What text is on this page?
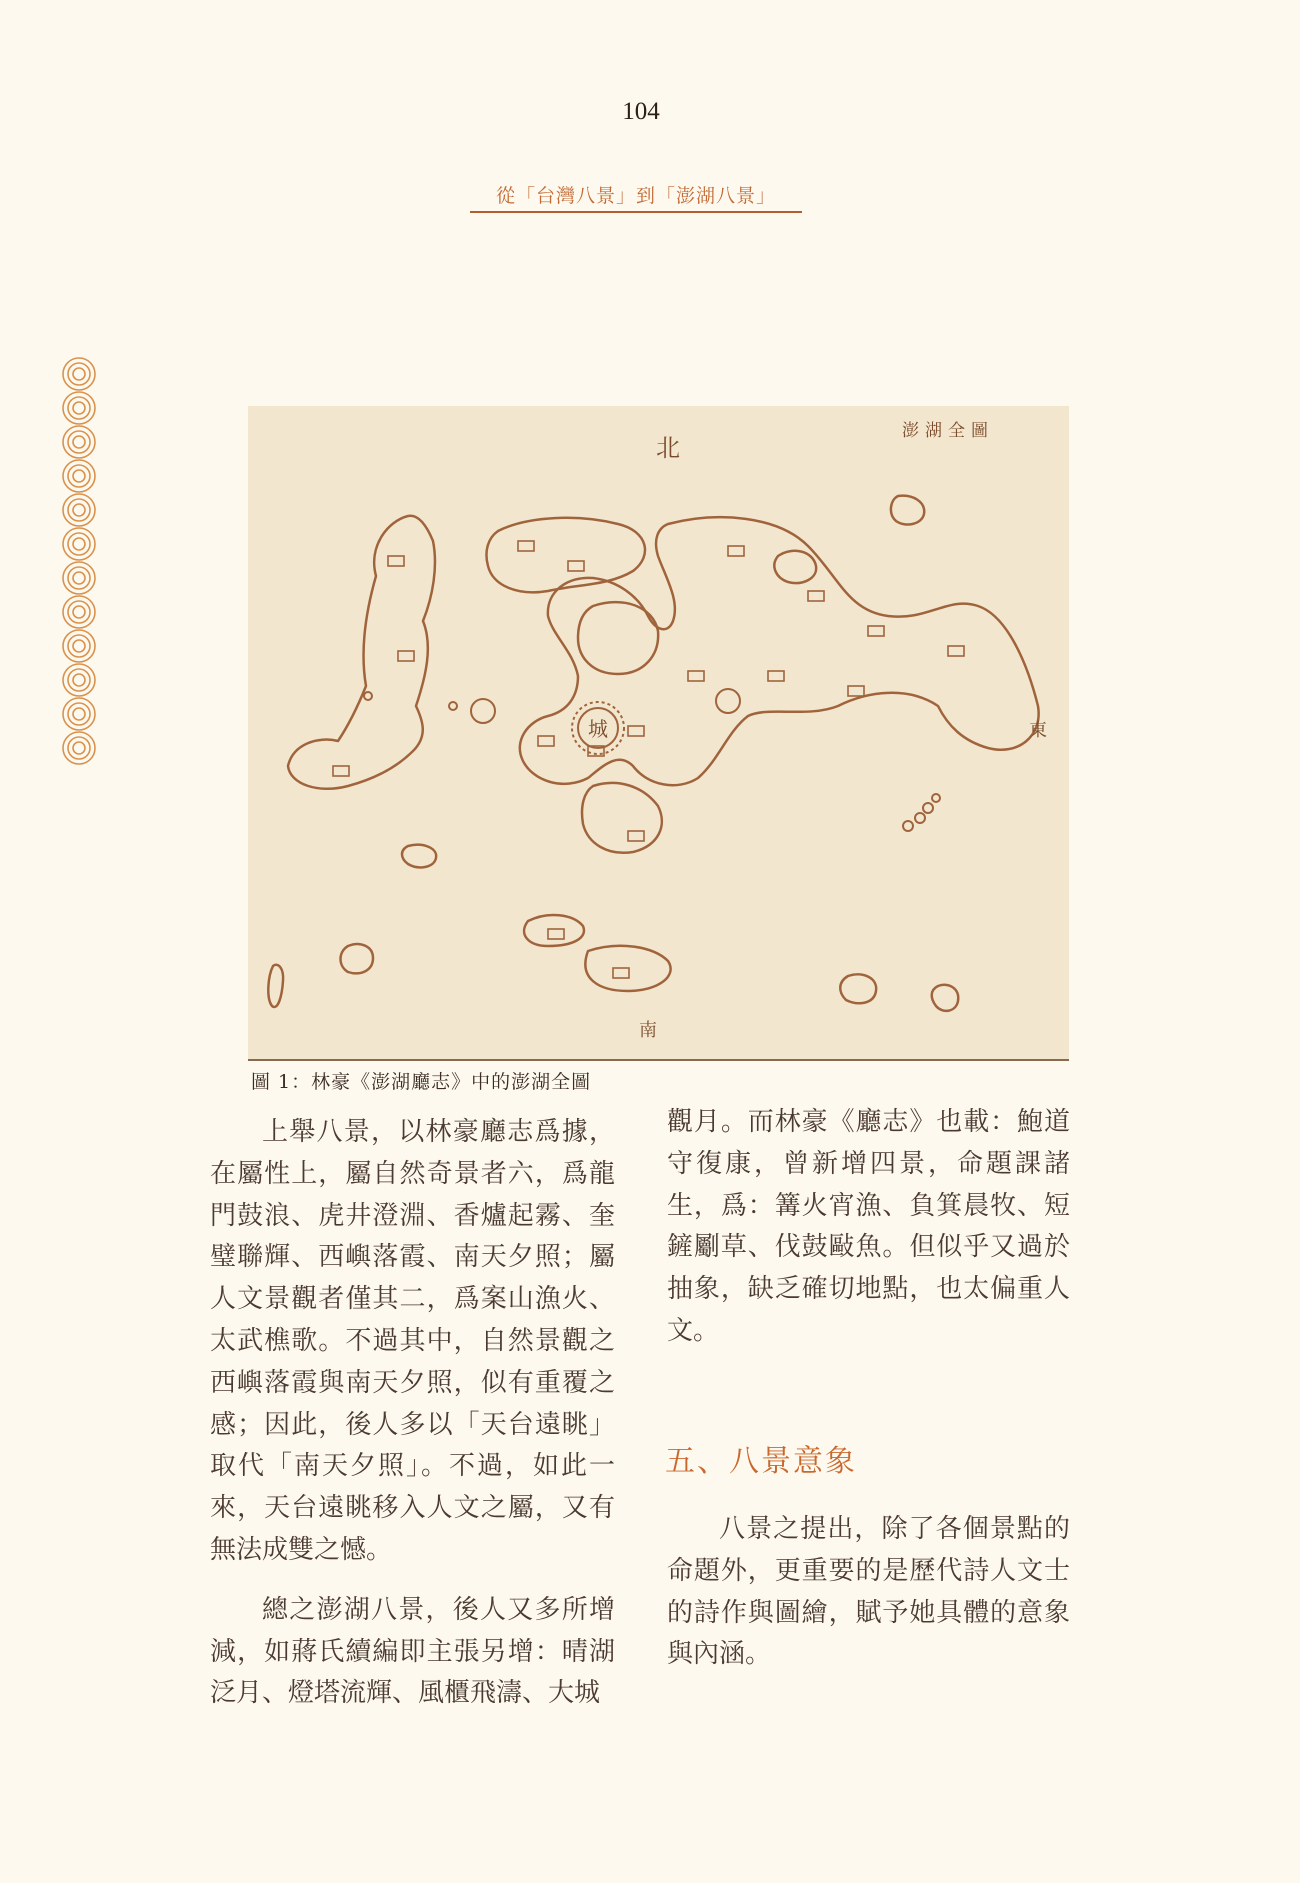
104
從「台灣八景」到「澎湖八景」
城
北
東
南
澎湖全圖
圖 1：林豪《澎湖廳志》中的澎湖全圖

上舉八景，以林豪廳志爲據，在屬性上，屬自然奇景者六，爲龍門鼓浪、虎井澄淵、香爐起霧、奎璧聯輝、西嶼落霞、南天夕照；屬人文景觀者僅其二，爲案山漁火、太武樵歌。不過其中，自然景觀之西嶼落霞與南天夕照，似有重覆之感；因此，後人多以「天台遠眺」取代「南天夕照」。不過，如此一來，天台遠眺移入人文之屬，又有無法成雙之憾。

總之澎湖八景，後人又多所增減，如蔣氏續編即主張另增：晴湖泛月、燈塔流輝、風櫃飛濤、大城

觀月。而林豪《廳志》也載：鮑道守復康，曾新增四景，命題課諸生，爲：篝火宵漁、負箕晨牧、短鏟劚草、伐鼓敺魚。但似乎又過於抽象，缺乏確切地點，也太偏重人文。

五、八景意象

八景之提出，除了各個景點的命題外，更重要的是歷代詩人文士的詩作與圖繪，賦予她具體的意象與內涵。
